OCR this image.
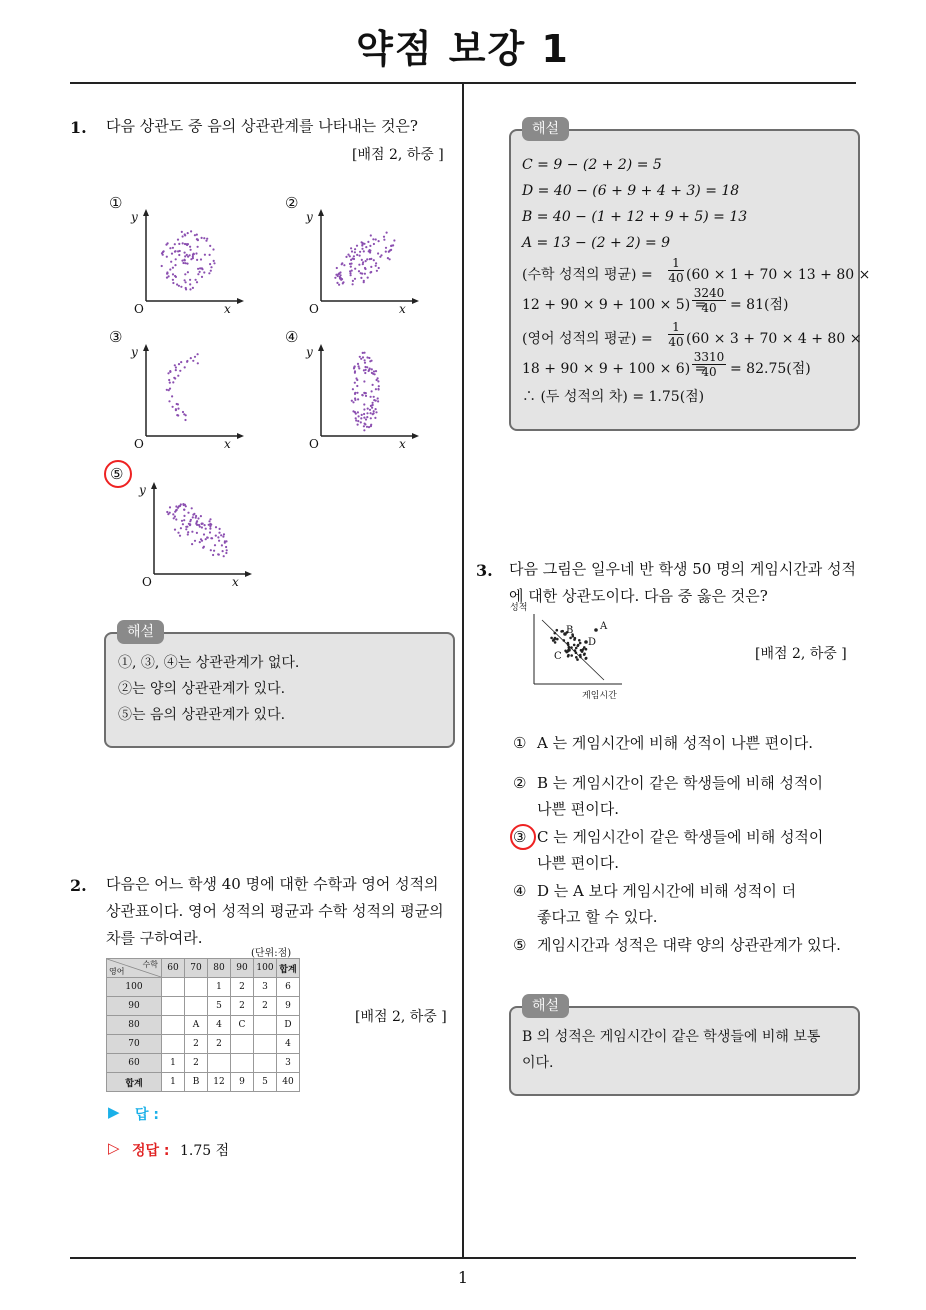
약점 보강 1
1
1. 다음 상관도 중 음의 상관관계를 나타내는 것은?
[배점 2, 하중 ]
①	②
③	④
⑤
y
O	x
y
O	x
y
O	x
y
O	x
y
O	x
해설
①, ③, ④는 상관관계가 없다.
②는 양의 상관관계가 있다.
⑤는 음의 상관관계가 있다.
2. 다음은 어느 학생 40 명에 대한 수학과 영어 성적의
상관표이다. 영어 성적의 평균과 수학 성적의 평균의
차를 구하여라.
(단위:점)
수학
영어	60	70	80	90	100	합계
100			1	2	3	6
90			5	2	2	9
80		A	4	C		D
70		2	2			4
60	1	2				3
합계	1	B	12	9	5	40
[배점 2, 하중 ]
▶ 답 :
▷ 정답 : 1.75 점
해설
C = 9 − (2 + 2) = 5
D = 40 − (6 + 9 + 4 + 3) = 18
B = 40 − (1 + 12 + 9 + 5) = 13
A = 13 − (2 + 2) = 9
(수학 성적의 평균) = $\frac{1}{40} (60 \times 1 + 70 \times 13 + 80$ ×
12 + 90 × 9 + 100 × 5) =
$\frac{3240}{40} = 81$(점)
(영어 성적의 평균) = $\frac{1}{40} (60 \times 3 + 70 \times 4 + 80$ ×
18 + 90 × 9 + 100 × 6) =
$\frac{3310}{40} = 82.75$(점)
∴ (두 성적의 차) = 1.75(점)
3. 다음 그림은 일우네 반 학생 50 명의 게임시간과 성적
에 대한 상관도이다. 다음 중 옳은 것은?
성적
게임시간
A
B
C
D
[배점 2, 하중 ]
① A 는 게임시간에 비해 성적이 나쁜 편이다.
② B 는 게임시간이 같은 학생들에 비해 성적이
나쁜 편이다.
③ C 는 게임시간이 같은 학생들에 비해 성적이
나쁜 편이다.
④ D 는 A 보다 게임시간에 비해 성적이 더
좋다고 할 수 있다.
⑤ 게임시간과 성적은 대략 양의 상관관계가 있다.
해설
B 의 성적은 게임시간이 같은 학생들에 비해 보통
이다.
